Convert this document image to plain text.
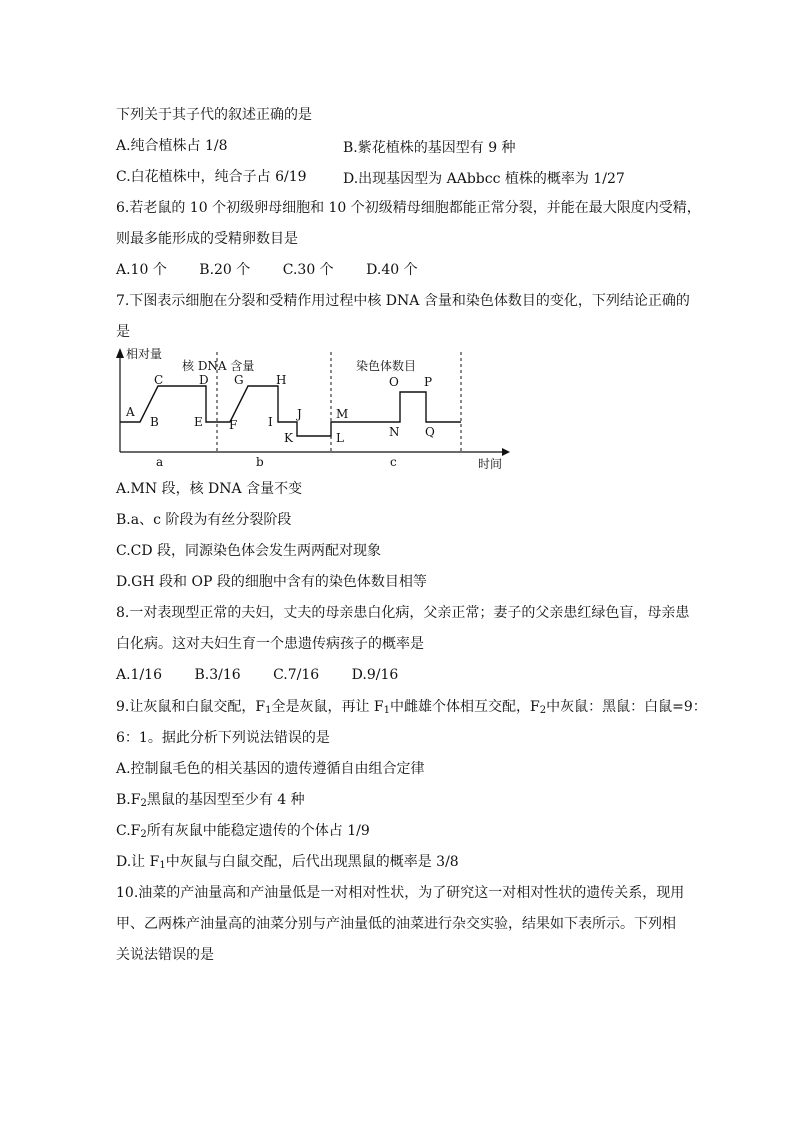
下列关于其子代的叙述正确的是
A.纯合植株占 1/8	B.紫花植株的基因型有 9 种
C.白花植株中，纯合子占 6/19	D.出现基因型为 AAbbcc 植株的概率为 1/27
6.若老鼠的 10 个初级卵母细胞和 10 个初级精母细胞都能正常分裂，并能在最大限度内受精，
则最多能形成的受精卵数目是
A.10 个 B.20 个 C.30 个 D.40 个
7.下图表示细胞在分裂和受精作用过程中核 DNA 含量和染色体数目的变化，下列结论正确的
是
相对量
时间
核 DNA 含量	染色体数目
A
B
C	D
E F
G	H
I
J
K	L
M
N
O P
Q
a	b	c
A.MN 段，核 DNA 含量不变
B.a、c 阶段为有丝分裂阶段
C.CD 段，同源染色体会发生两两配对现象
D.GH 段和 OP 段的细胞中含有的染色体数目相等
8.一对表现型正常的夫妇，丈夫的母亲患白化病，父亲正常；妻子的父亲患红绿色盲，母亲患
白化病。这对夫妇生育一个患遗传病孩子的概率是
A.1/16 B.3/16 C.7/16 D.9/16
9.让灰鼠和白鼠交配，$F_1$全是灰鼠，再让 $F_1$中雌雄个体相互交配，$F_2$中灰鼠：黑鼠：白鼠=9：
6：1。据此分析下列说法错误的是
A.控制鼠毛色的相关基因的遗传遵循自由组合定律
$B.F_2$黑鼠的基因型至少有 4 种
$C.F_2$所有灰鼠中能稳定遗传的个体占 1/9
D.让 $F_1$中灰鼠与白鼠交配，后代出现黑鼠的概率是 3/8
10.油菜的产油量高和产油量低是一对相对性状，为了研究这一对相对性状的遗传关系，现用
甲、乙两株产油量高的油菜分别与产油量低的油菜进行杂交实验，结果如下表所示。下列相
关说法错误的是
